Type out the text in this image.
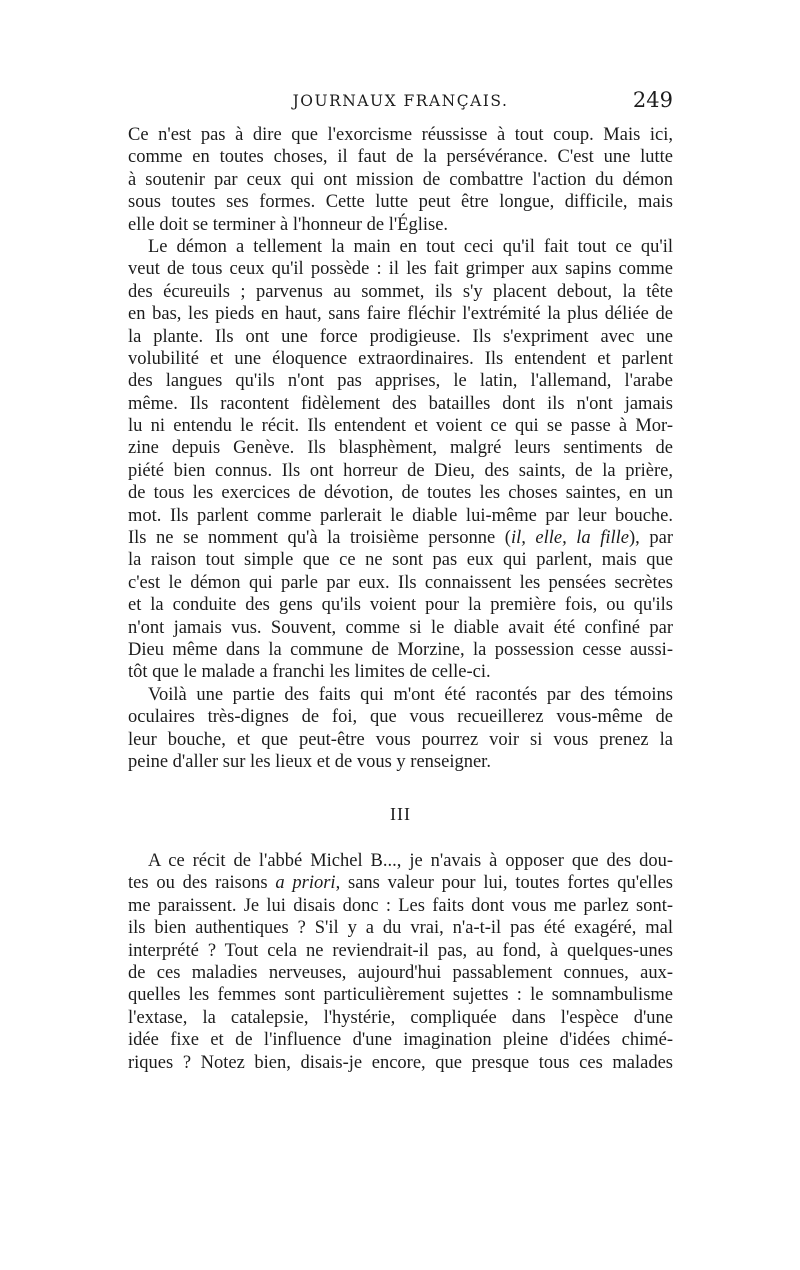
JOURNAUX FRANÇAIS.	249
Ce n'est pas à dire que l'exorcisme réussisse à tout coup. Mais ici,
comme en toutes choses, il faut de la persévérance. C'est une lutte
à soutenir par ceux qui ont mission de combattre l'action du démon
sous toutes ses formes. Cette lutte peut être longue, difficile, mais
elle doit se terminer à l'honneur de l'Église.
Le démon a tellement la main en tout ceci qu'il fait tout ce qu'il
veut de tous ceux qu'il possède : il les fait grimper aux sapins comme
des écureuils ; parvenus au sommet, ils s'y placent debout, la tête
en bas, les pieds en haut, sans faire fléchir l'extrémité la plus déliée de
la plante. Ils ont une force prodigieuse. Ils s'expriment avec une
volubilité et une éloquence extraordinaires. Ils entendent et parlent
des langues qu'ils n'ont pas apprises, le latin, l'allemand, l'arabe
même. Ils racontent fidèlement des batailles dont ils n'ont jamais
lu ni entendu le récit. Ils entendent et voient ce qui se passe à Mor-
zine depuis Genève. Ils blasphèment, malgré leurs sentiments de
piété bien connus. Ils ont horreur de Dieu, des saints, de la prière,
de tous les exercices de dévotion, de toutes les choses saintes, en un
mot. Ils parlent comme parlerait le diable lui-même par leur bouche.
Ils ne se nomment qu'à la troisième personne (il, elle, la fille), par
la raison tout simple que ce ne sont pas eux qui parlent, mais que
c'est le démon qui parle par eux. Ils connaissent les pensées secrètes
et la conduite des gens qu'ils voient pour la première fois, ou qu'ils
n'ont jamais vus. Souvent, comme si le diable avait été confiné par
Dieu même dans la commune de Morzine, la possession cesse aussi-
tôt que le malade a franchi les limites de celle-ci.
Voilà une partie des faits qui m'ont été racontés par des témoins
oculaires très-dignes de foi, que vous recueillerez vous-même de
leur bouche, et que peut-être vous pourrez voir si vous prenez la
peine d'aller sur les lieux et de vous y renseigner.
III
A ce récit de l'abbé Michel B..., je n'avais à opposer que des dou-
tes ou des raisons a priori, sans valeur pour lui, toutes fortes qu'elles
me paraissent. Je lui disais donc : Les faits dont vous me parlez sont-
ils bien authentiques ? S'il y a du vrai, n'a-t-il pas été exagéré, mal
interprété ? Tout cela ne reviendrait-il pas, au fond, à quelques-unes
de ces maladies nerveuses, aujourd'hui passablement connues, aux-
quelles les femmes sont particulièrement sujettes : le somnambulisme
l'extase, la catalepsie, l'hystérie, compliquée dans l'espèce d'une
idée fixe et de l'influence d'une imagination pleine d'idées chimé-
riques ? Notez bien, disais-je encore, que presque tous ces malades
